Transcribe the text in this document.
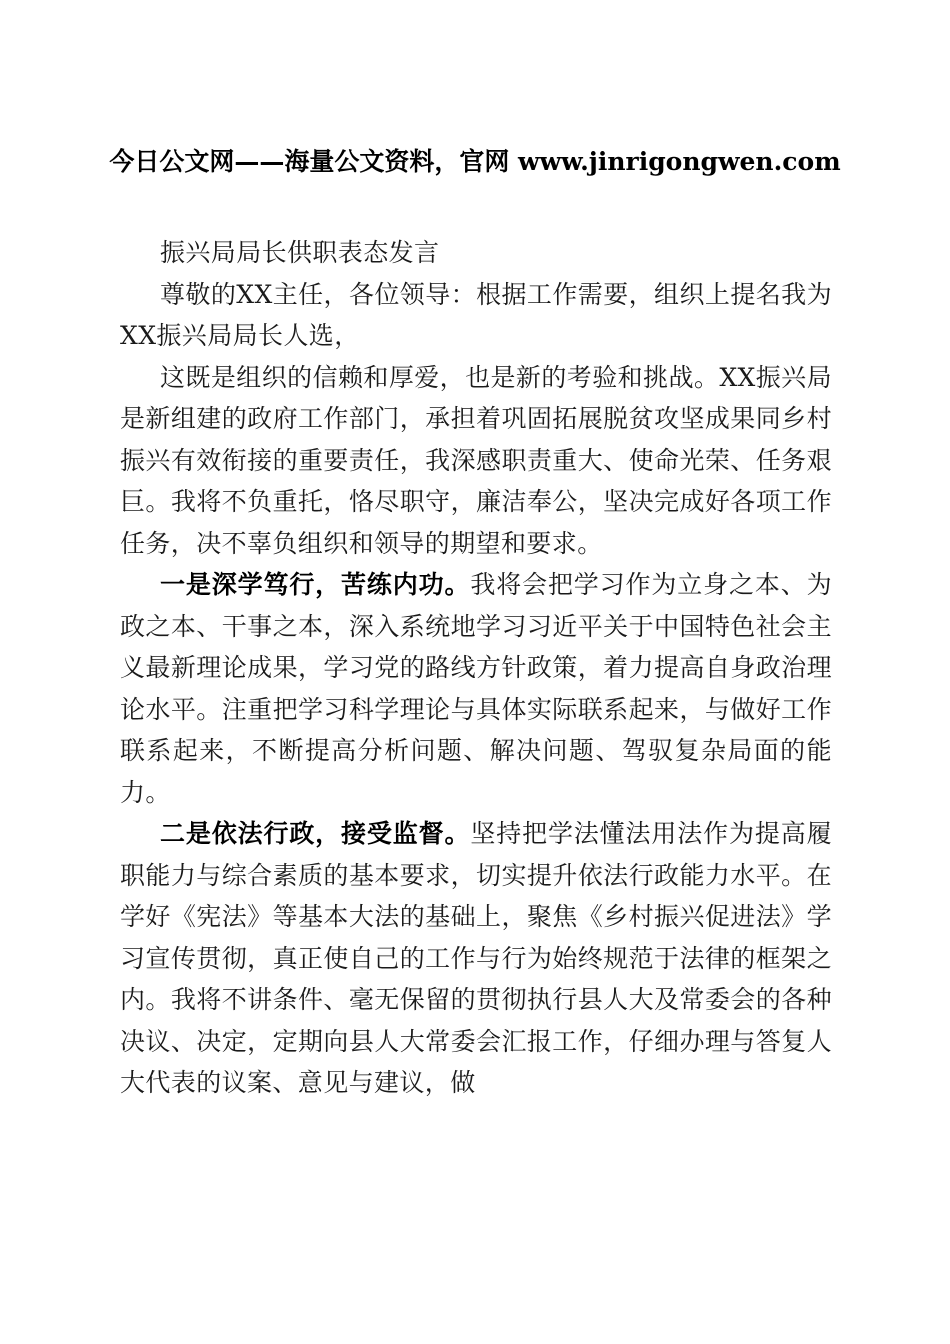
今日公文网——海量公文资料，官网 www.jinrigongwen.com

振兴局局长供职表态发言

尊敬的XX主任，各位领导：根据工作需要，组织上提名我为XX振兴局局长人选，

这既是组织的信赖和厚爱，也是新的考验和挑战。XX振兴局是新组建的政府工作部门，承担着巩固拓展脱贫攻坚成果同乡村振兴有效衔接的重要责任，我深感职责重大、使命光荣、任务艰巨。我将不负重托，恪尽职守，廉洁奉公，坚决完成好各项工作任务，决不辜负组织和领导的期望和要求。

一是深学笃行，苦练内功。我将会把学习作为立身之本、为政之本、干事之本，深入系统地学习习近平关于中国特色社会主义最新理论成果，学习党的路线方针政策，着力提高自身政治理论水平。注重把学习科学理论与具体实际联系起来，与做好工作联系起来，不断提高分析问题、解决问题、驾驭复杂局面的能力。

二是依法行政，接受监督。坚持把学法懂法用法作为提高履职能力与综合素质的基本要求，切实提升依法行政能力水平。在学好《宪法》等基本大法的基础上，聚焦《乡村振兴促进法》学习宣传贯彻，真正使自己的工作与行为始终规范于法律的框架之内。我将不讲条件、毫无保留的贯彻执行县人大及常委会的各种决议、决定，定期向县人大常委会汇报工作，仔细办理与答复人大代表的议案、意见与建议，做
